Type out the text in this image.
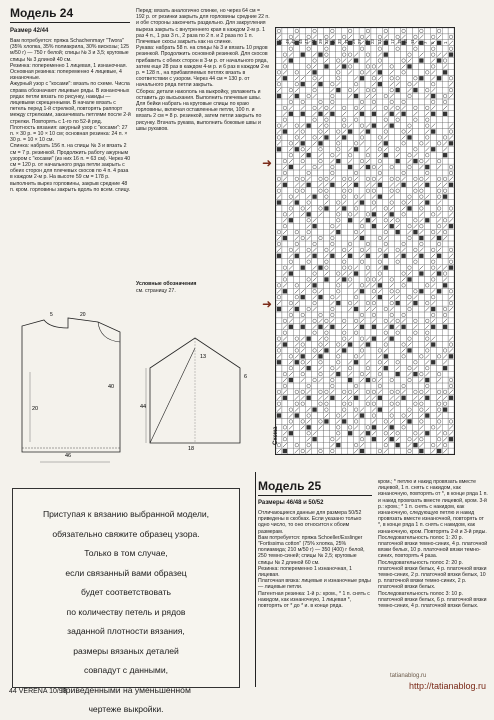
Модель 24
Размер 42/44
Вам потребуется: пряжа Schachenmayr "Twora" (35% хлопка, 35% полиакрила, 30% вискозы; 125 м/50 г) — 750 г белой; спицы № 3 и 3,5; круговые спицы № 3 длиной 40 см.
Резинка: попеременно 1 лицевая, 1 изнаночная.
Основная резинка: попеременно 4 лицевые, 4 изнаночные.
Ажурный узор с "косами": вязать по схеме. Числа справа обозначают лицевые ряды. В изнаночных рядах петли вязать по рисунку, накиды — лицевыми скрещенными. В начале вязать с петель перед 1-й стрелкой, повторять раппорт между стрелками, заканчивать петлями после 2-й стрелки. Повторять с 1-го по 52-й ряд.
Плотность вязания: ажурный узор с "косами": 27 п. × 30 р. = 10 × 10 см; основная резинка: 24 п. × 30 р. = 10 × 10 см.
Спинка: набрать 156 п. на спицы № 3 и вязать 2 см = 7 р. резинкой. Продолжить работу ажурным узором с "косами" (из них 16 п. = 63 см). Через 40 см = 120 р. от начального ряда петли закрыть с обеих сторон для плечевых скосов по 4 п. 4 раза в каждом 2-м р. На высоте 59 см = 178 р. выполнить вырез горловины, закрыв средние 48 п. кром. горловины закрыть вдоль по всем. спицу.
Перед: вязать аналогично спинке, но через 64 см = 192 р. от резинки закрыть для горловины средние 22 п. и обе стороны закончить раздельно. Для закругления выреза закрыть с внутреннего края в каждом 2-м р. 1 раз 4 п., 1 раз 3 п., 2 раза по 2 п. и 2 раза по 1 п. Плечевые скосы закрыть как на спинке.
Рукава: набрать 58 п. на спицы № 3 и вязать 10 рядов резинкой. Продолжить основной резинкой. Для скосов прибавить с обеих сторон в 3-м р. от начального ряда, затем еще 28 раз в каждом 4-м р. и 6 раз в каждом 2-м р. = 128 п., на прибавляемых петлях вязать в соответствии с узором. Через 44 см = 130 р. от начального ряда петли закрыть.
Сборка: детали накололь на выкройку, увлажнить и оставить до высыхания. Выполнить плечевые швы. Для бейки набрать на круговые спицы по краю горловины, включая оставленные петли, 100 п. и вязать 2 см = 8 р. резинкой, затем петли закрыть по рисунку. Втачать рукава, выполнить боковые швы и швы рукавов.
Условные обозначения
см. страницу 27.
40
20
46
5	20
44
13
18
6
51 49 47 45 43 41 39 37 35 33 31 29 27 25 23 21 19 17 15 13 11 9 7 5 3 1
➜
➜
Схема
Приступая к вязанию выбранной модели,
обязательно свяжите образец узора.
Только в том случае,
если связанный вами образец
будет соответствовать
по количеству петель и рядов
заданной плотности вязания,
размеры вязаных деталей
совпадут с данными,
приведенными на уменьшенном
чертеже выкройки.
Модель 25
Размеры 46/48 и 50/52
Отличающиеся данные для размера 50/52 приведены в скобках. Если указано только одно число, то оно относится к обоим размерам.
Вам потребуется: пряжа Schoeller/Esslinger "Fortissima cotton" (75% хлопка, 25% полиамида; 210 м/50 г) — 350 (400) г белой, 250 темно-синей; спицы № 2,5; круговые спицы № 2 длиной 60 см.
Резинка: попеременно 1 изнаночная, 1 лицевая.
Платочная вязка: лицевые и изнаночные ряды — лицевые петли.
Патентная резинка: 1-й р.: кром., * 1 п. снять с накидом, как изнаночную, 1 лицевая *, повторять от * до * и. в конце ряда.
кром.; * петлю и накид провязать вместе лицевой, 1 п. снять с накидом, как изнаночную, повторять от *, в конце ряда 1 п. и накид провязать вместе лицевой, кром. 3-й р.: кром.; * 1 п. снять с накидом, как изнаночную, следующую петлю и накид провязать вместе изнаночной, повторять от *, в конце ряда 1 п. снять с накидом, как изнаночную, кром. Повторять 2-й и 3-й ряды.
Последовательность полос 1: 20 р. платочной вязки темно-синих, 4 р. платочной вязки белых, 10 р. платочной вязки темно-синих, повторять 4 раза.
Последовательность полос 2: 20 р. платочной вязки белых, 4 р. платочной вязки темно-синих, 2 р. платочной вязки белых, 10 р. платочной вязки темно-синих, 2 р. платочной вязки белых.
Последовательность полос 3: 10 р. платочной вязки белых, 6 р. платочной вязки темно-синих, 4 р. платочной вязки белых.
44 VERENA 10/98
tatianablog.ru
http://tatianablog.ru
